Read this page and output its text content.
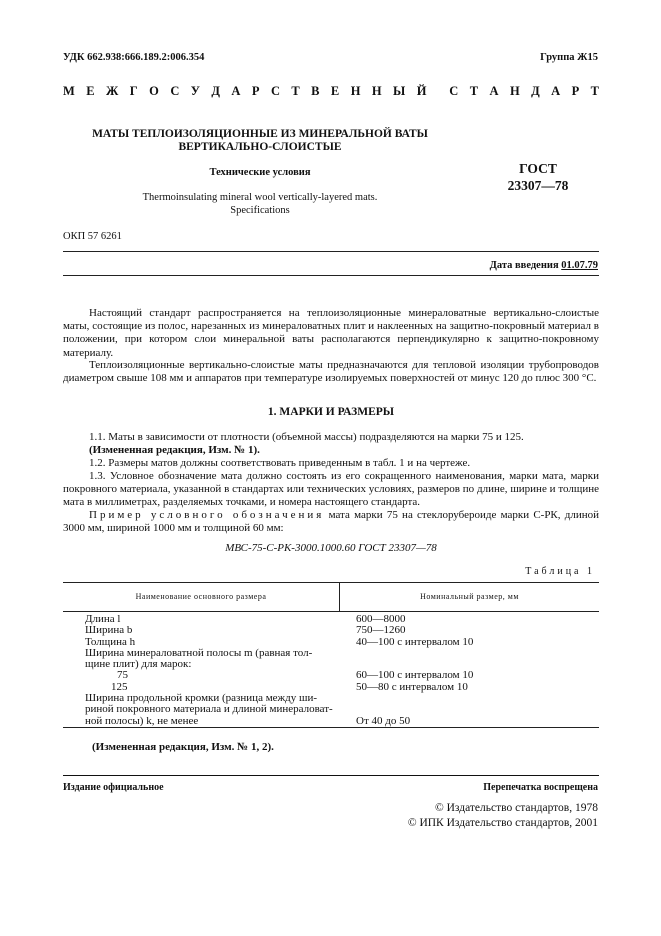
УДК 662.938:666.189.2:006.354	Группа Ж15
М Е Ж Г О С У Д А Р С Т В Е Н Н Ы Й С Т А Н Д А Р Т
МАТЫ ТЕПЛОИЗОЛЯЦИОННЫЕ ИЗ МИНЕРАЛЬНОЙ ВАТЫ
ВЕРТИКАЛЬНО-СЛОИСТЫЕ
Технические условия
Thermoinsulating mineral wool vertically-layered mats.
Specifications
ГОСТ
23307—78
ОКП 57 6261
Дата введения 01.07.79
Настоящий стандарт распространяется на теплоизоляционные минераловатные вертикально-слоистые маты, состоящие из полос, нарезанных из минераловатных плит и наклеенных на защитно-покровный материал в положении, при котором слои минеральной ваты располагаются перпендикулярно к защитно-покровному материалу.
Теплоизоляционные вертикально-слоистые маты предназначаются для тепловой изоляции трубопроводов диаметром свыше 108 мм и аппаратов при температуре изолируемых поверхностей от минус 120 до плюс 300 °С.
1. МАРКИ И РАЗМЕРЫ
1.1. Маты в зависимости от плотности (объемной массы) подразделяются на марки 75 и 125.
(Измененная редакция, Изм. № 1).
1.2. Размеры матов должны соответствовать приведенным в табл. 1 и на чертеже.
1.3. Условное обозначение мата должно состоять из его сокращенного наименования, марки мата, марки покровного материала, указанной в стандартах или технических условиях, размеров по длине, ширине и толщине мата в миллиметрах, разделяемых точками, и номера настоящего стандарта.
Пример условного обозначения мата марки 75 на стеклорубероиде марки С-РК, длиной 3000 мм, шириной 1000 мм и толщиной 60 мм:
МВС-75-С-РК-3000.1000.60 ГОСТ 23307—78
Таблица 1
Наименование основного размера	Номинальный размер, мм
Длина l	600—8000
Ширина b	750—1260
Толщина h	40—100 с интервалом 10
Ширина минераловатной полосы m (равная тол-
щине плит) для марок:
75	60—100 с интервалом 10
125	50—80 с интервалом 10
Ширина продольной кромки (разница между ши-
риной покровного материала и длиной минераловат-
ной полосы) k, не менее	От 40 до 50
(Измененная редакция, Изм. № 1, 2).
Издание официальное	Перепечатка воспрещена
© Издательство стандартов, 1978
© ИПК Издательство стандартов, 2001
